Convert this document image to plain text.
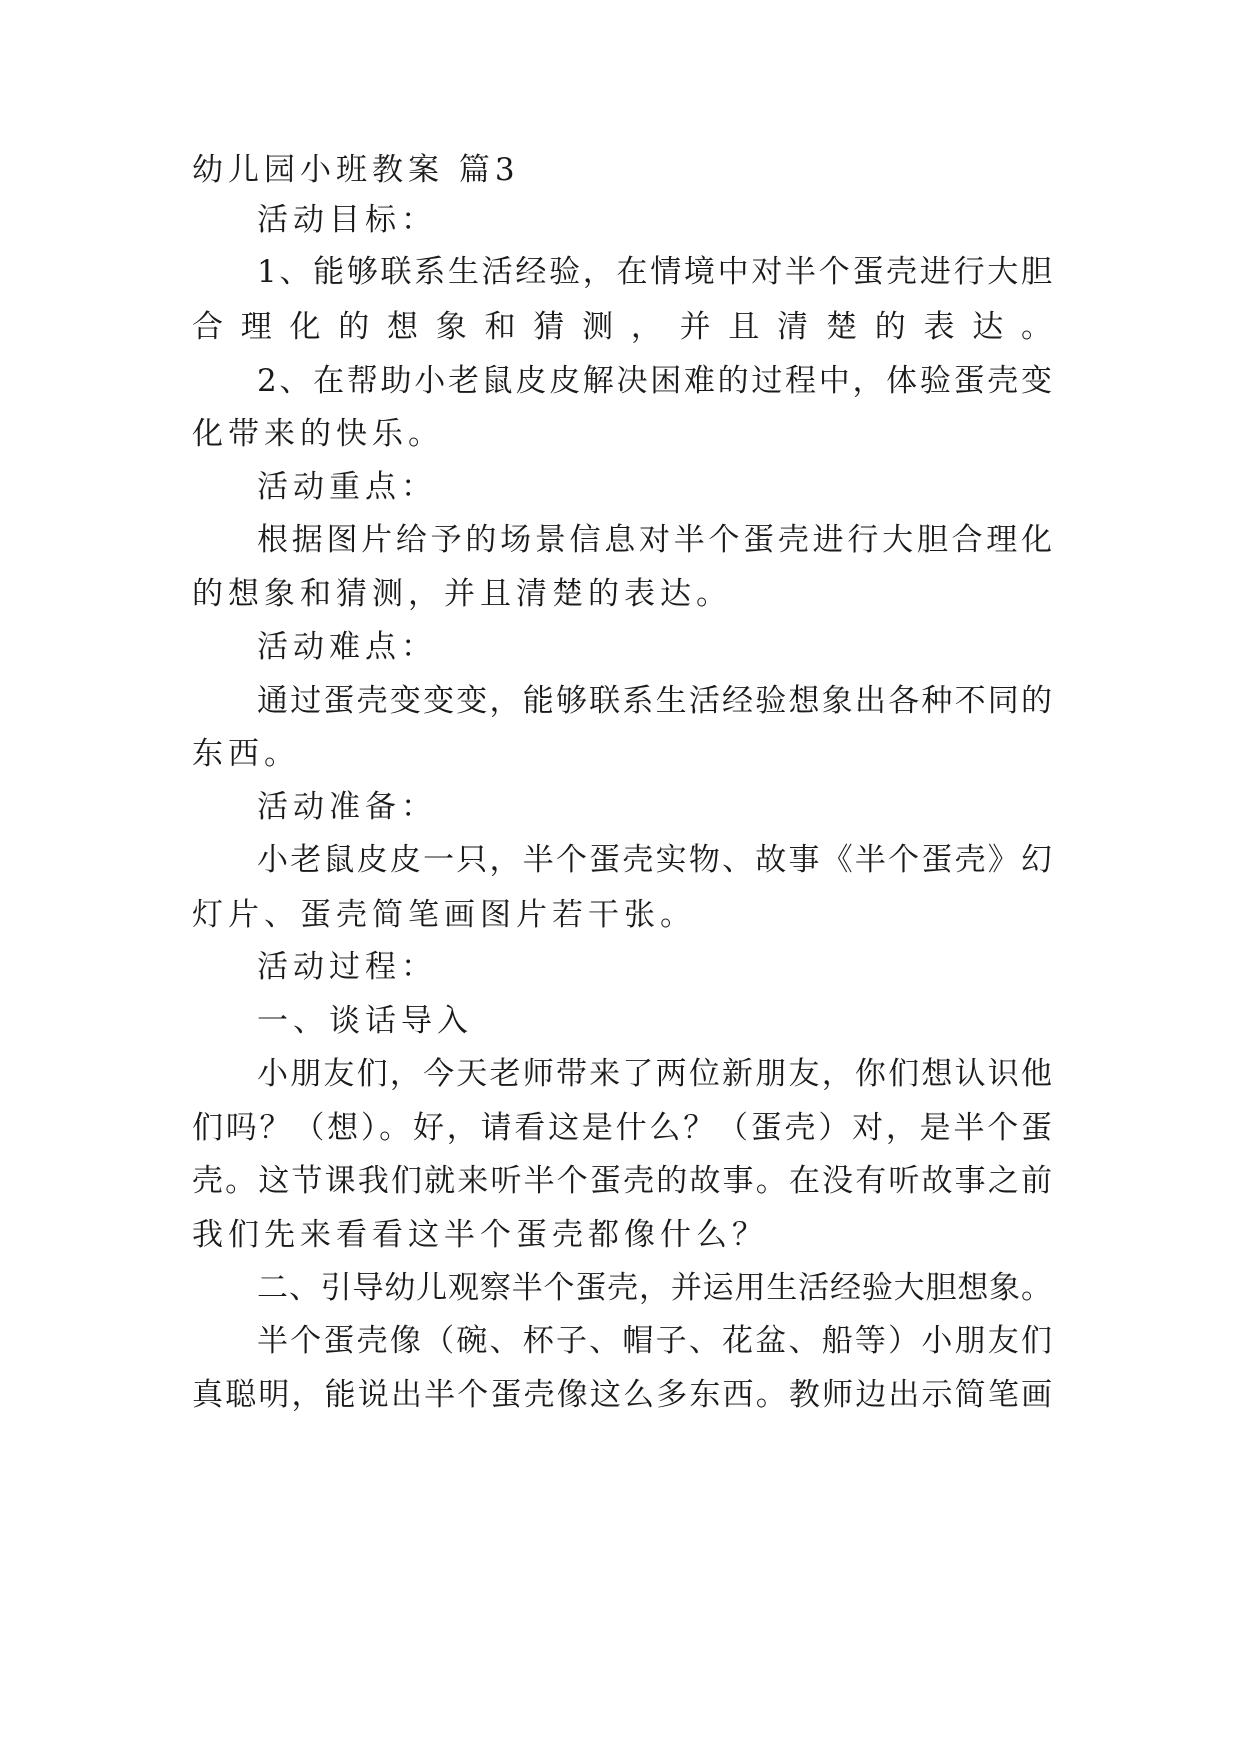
幼儿园小班教案 篇3
活动目标：
1、能够联系生活经验，在情境中对半个蛋壳进行大胆
合理化的想象和猜测，并且清楚的表达。
2、在帮助小老鼠皮皮解决困难的过程中，体验蛋壳变
化带来的快乐。
活动重点：
根据图片给予的场景信息对半个蛋壳进行大胆合理化
的想象和猜测，并且清楚的表达。
活动难点：
通过蛋壳变变变，能够联系生活经验想象出各种不同的
东西。
活动准备：
小老鼠皮皮一只，半个蛋壳实物、故事《半个蛋壳》幻
灯片、蛋壳简笔画图片若干张。
活动过程：
一、谈话导入
小朋友们，今天老师带来了两位新朋友，你们想认识他
们吗？（想）。好，请看这是什么？（蛋壳）对，是半个蛋
壳。这节课我们就来听半个蛋壳的故事。在没有听故事之前
我们先来看看这半个蛋壳都像什么？
二、引导幼儿观察半个蛋壳，并运用生活经验大胆想象。
半个蛋壳像（碗、杯子、帽子、花盆、船等）小朋友们
真聪明，能说出半个蛋壳像这么多东西。教师边出示简笔画
